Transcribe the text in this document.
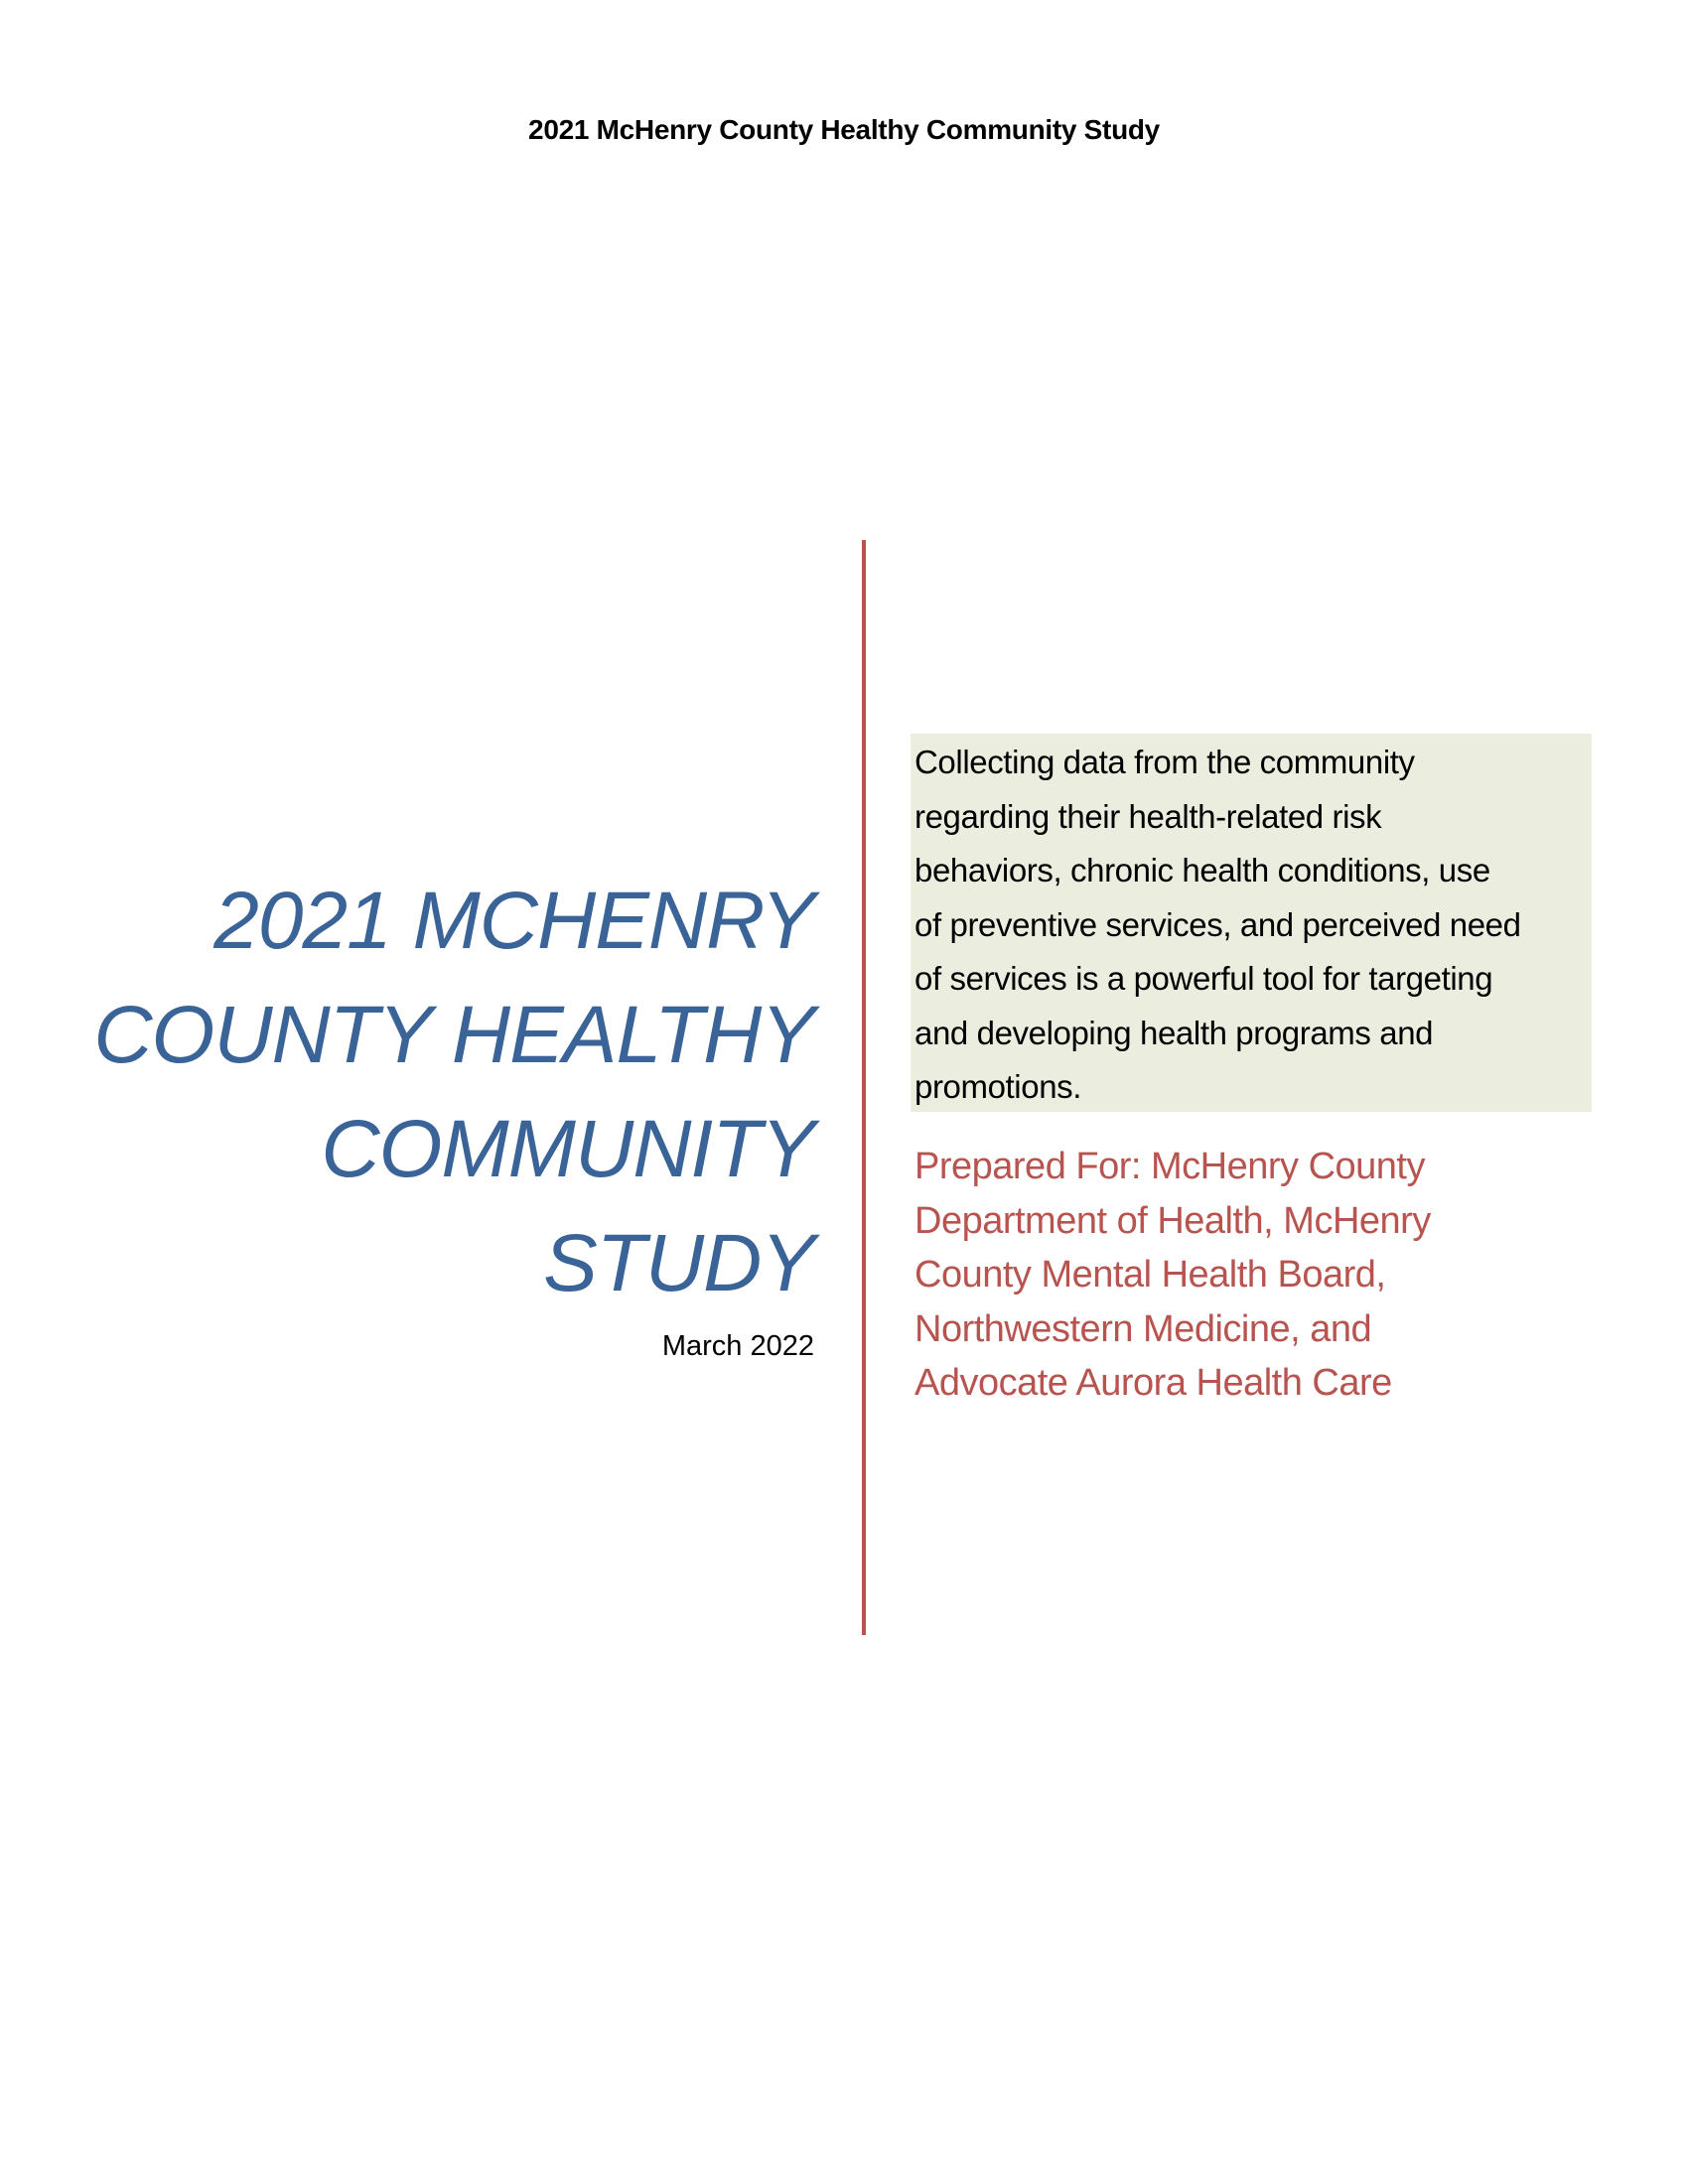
2021 McHenry County Healthy Community Study
2021 MCHENRY
COUNTY HEALTHY
COMMUNITY
STUDY
March 2022
Collecting data from the community
regarding their health-related risk
behaviors, chronic health conditions, use
of preventive services, and perceived need
of services is a powerful tool for targeting
and developing health programs and
promotions.
Prepared For: McHenry County
Department of Health, McHenry
County Mental Health Board,
Northwestern Medicine, and
Advocate Aurora Health Care
